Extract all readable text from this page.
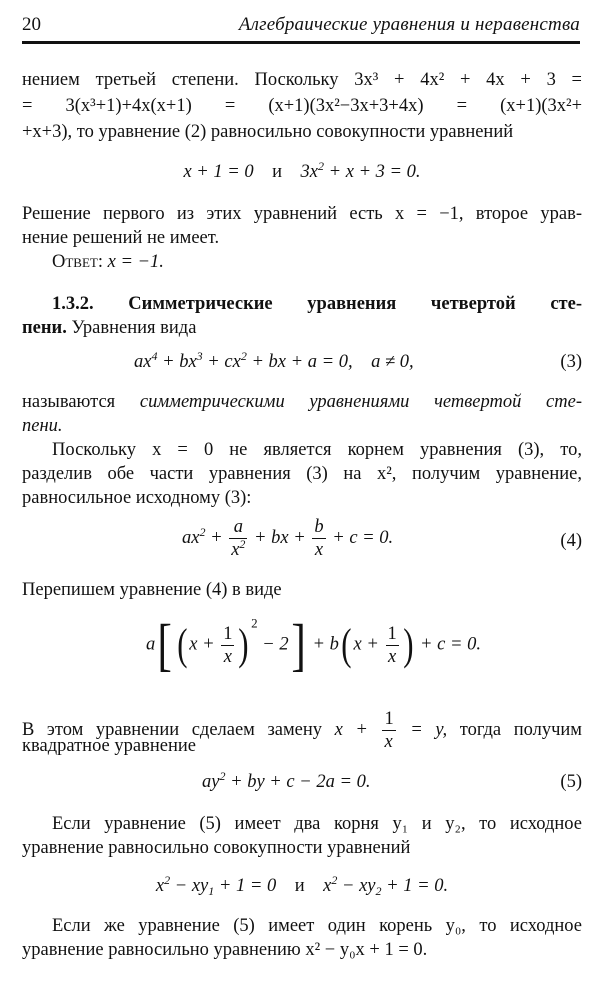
20	Алгебраические уравнения и неравенства
нением третьей степени. Поскольку 3x³ + 4x² + 4x + 3 =
= 3(x³+1)+4x(x+1) = (x+1)(3x²−3x+3+4x) = (x+1)(3x²+
+x+3), то уравнение (2) равносильно совокупности уравнений
x + 1 = 0    и    $3x^2 + x + 3 = 0$.
Решение первого из этих уравнений есть x = −1, второе урав-
нение решений не имеет.
Ответ: x = −1.
1.3.2. Симметрические уравнения четвертой сте-
пени. Уравнения вида
$ax^4 + bx^3 + cx^2$ + bx + a = 0,    a ≠ 0,	(3)
называются симметрическими уравнениями четвертой сте-
пени.
Поскольку x = 0 не является корнем уравнения (3), то,
разделив обе части уравнения (3) на x², получим уравнение,
равносильное исходному (3):
$ax^2 + \frac{a}{x^2}$ + bx + $\frac{b}{x} + c = 0$.	(4)
Перепишем уравнение (4) в виде
a[ ( $x + \frac{1}{x}$ ) $^2$ − 2] + b( $x + \frac{1}{x}$ ) + c = 0.
В этом уравнении сделаем замену $x + \frac{1}{x} = y$, тогда получим
квадратное уравнение
$ay^2$ + by + c − 2a = 0.	(5)
Если уравнение (5) имеет два корня y₁ и y₂, то исходное
уравнение равносильно совокупности уравнений
$x^2 - xy_1 + 1 = 0$    и    $x^2 - xy_2 + 1 = 0$.
Если же уравнение (5) имеет один корень y₀, то исходное
уравнение равносильно уравнению x² − y₀x + 1 = 0.
